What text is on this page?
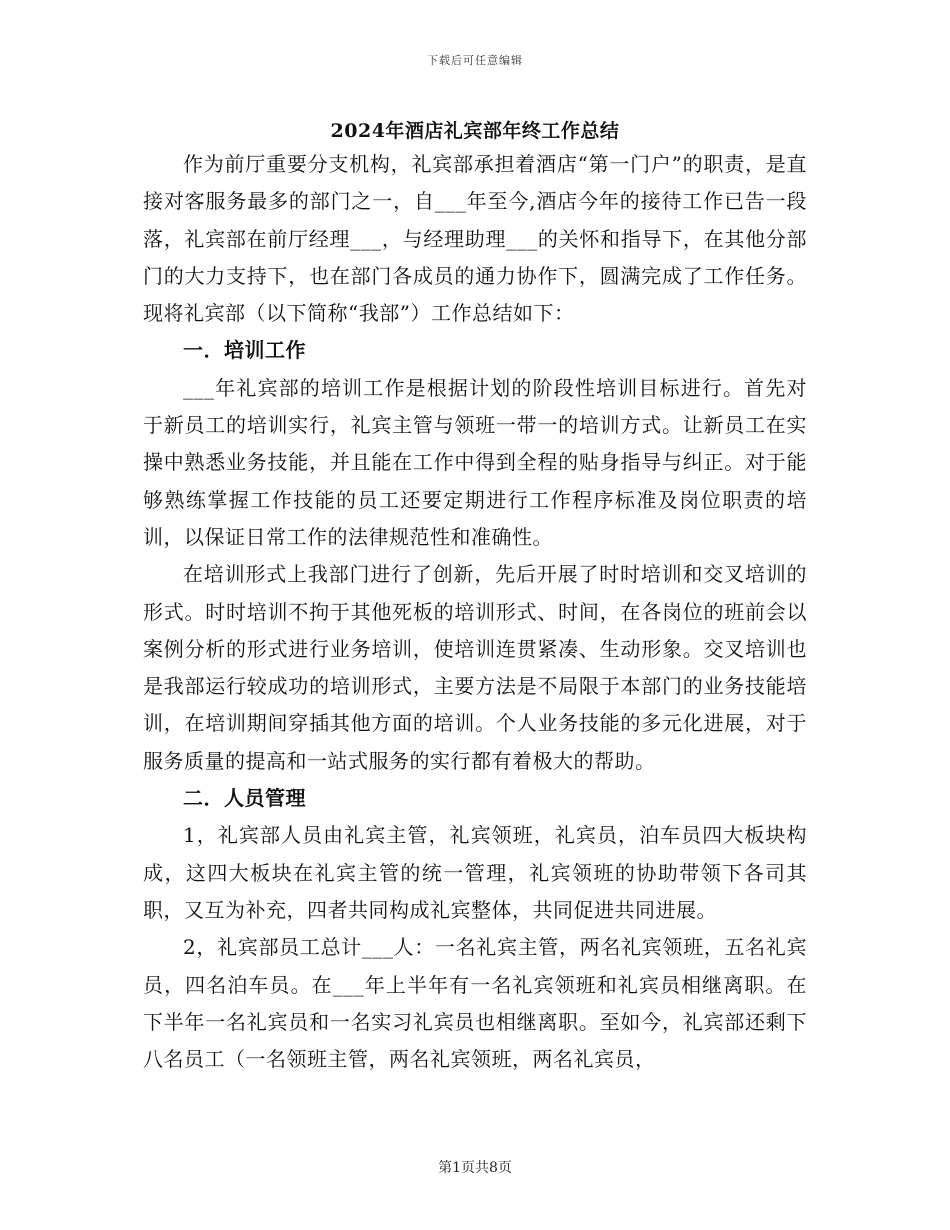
下载后可任意编辑
2024年酒店礼宾部年终工作总结

作为前厅重要分支机构，礼宾部承担着酒店“第一门户”的职责，是直接对客服务最多的部门之一，自___年至今,酒店今年的接待工作已告一段落，礼宾部在前厅经理___，与经理助理___的关怀和指导下，在其他分部门的大力支持下，也在部门各成员的通力协作下，圆满完成了工作任务。现将礼宾部（以下简称“我部”）工作总结如下：

一．培训工作

___年礼宾部的培训工作是根据计划的阶段性培训目标进行。首先对于新员工的培训实行，礼宾主管与领班一带一的培训方式。让新员工在实操中熟悉业务技能，并且能在工作中得到全程的贴身指导与纠正。对于能够熟练掌握工作技能的员工还要定期进行工作程序标准及岗位职责的培训，以保证日常工作的法律规范性和准确性。

在培训形式上我部门进行了创新，先后开展了时时培训和交叉培训的形式。时时培训不拘于其他死板的培训形式、时间，在各岗位的班前会以案例分析的形式进行业务培训，使培训连贯紧凑、生动形象。交叉培训也是我部运行较成功的培训形式，主要方法是不局限于本部门的业务技能培训，在培训期间穿插其他方面的培训。个人业务技能的多元化进展，对于服务质量的提高和一站式服务的实行都有着极大的帮助。

二．人员管理

1，礼宾部人员由礼宾主管，礼宾领班，礼宾员，泊车员四大板块构成，这四大板块在礼宾主管的统一管理，礼宾领班的协助带领下各司其职，又互为补充，四者共同构成礼宾整体，共同促进共同进展。

2，礼宾部员工总计___人：一名礼宾主管，两名礼宾领班，五名礼宾员，四名泊车员。在___年上半年有一名礼宾领班和礼宾员相继离职。在下半年一名礼宾员和一名实习礼宾员也相继离职。至如今，礼宾部还剩下八名员工（一名领班主管，两名礼宾领班，两名礼宾员，

第1页共8页
